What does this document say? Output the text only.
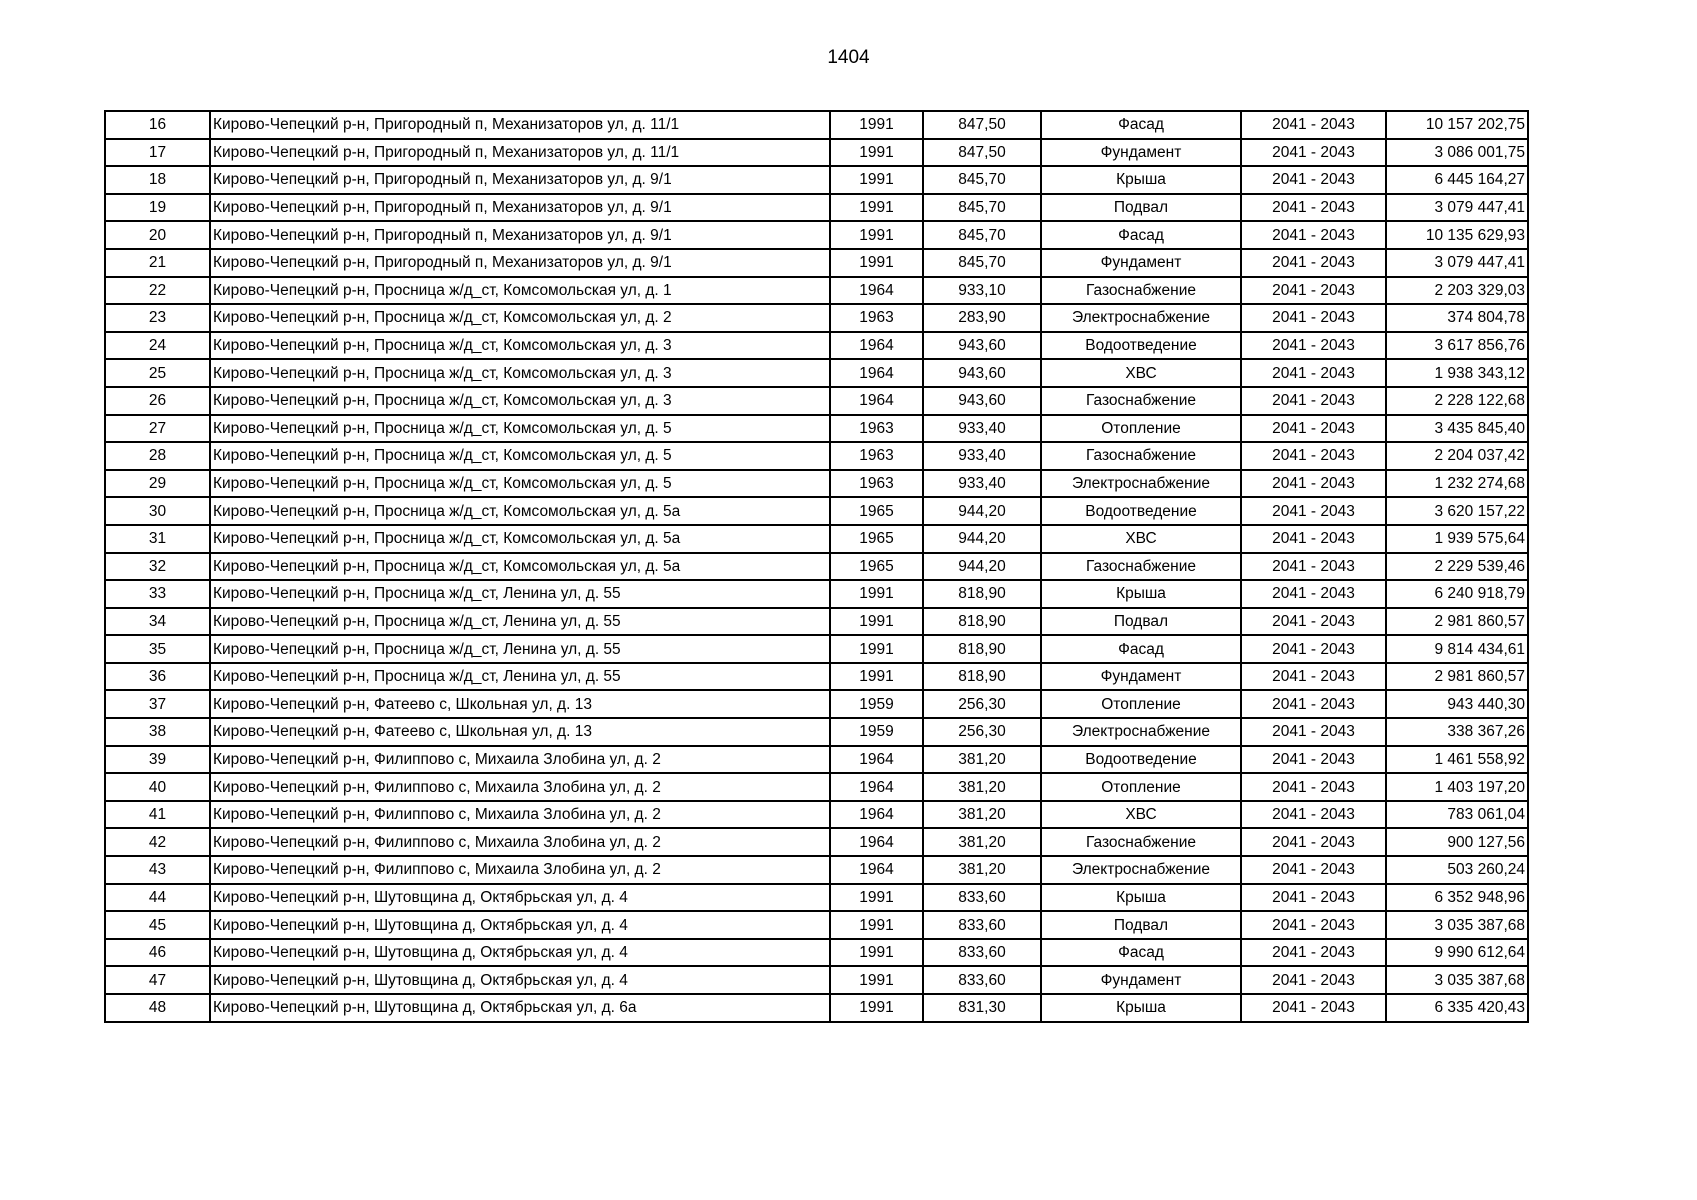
1404
16	Кирово-Чепецкий р-н, Пригородный п, Механизаторов ул, д. 11/1	1991	847,50	Фасад	2041 - 2043	10 157 202,75
17	Кирово-Чепецкий р-н, Пригородный п, Механизаторов ул, д. 11/1	1991	847,50	Фундамент	2041 - 2043	3 086 001,75
18	Кирово-Чепецкий р-н, Пригородный п, Механизаторов ул, д. 9/1	1991	845,70	Крыша	2041 - 2043	6 445 164,27
19	Кирово-Чепецкий р-н, Пригородный п, Механизаторов ул, д. 9/1	1991	845,70	Подвал	2041 - 2043	3 079 447,41
20	Кирово-Чепецкий р-н, Пригородный п, Механизаторов ул, д. 9/1	1991	845,70	Фасад	2041 - 2043	10 135 629,93
21	Кирово-Чепецкий р-н, Пригородный п, Механизаторов ул, д. 9/1	1991	845,70	Фундамент	2041 - 2043	3 079 447,41
22	Кирово-Чепецкий р-н, Просница ж/д_ст, Комсомольская ул, д. 1	1964	933,10	Газоснабжение	2041 - 2043	2 203 329,03
23	Кирово-Чепецкий р-н, Просница ж/д_ст, Комсомольская ул, д. 2	1963	283,90	Электроснабжение	2041 - 2043	374 804,78
24	Кирово-Чепецкий р-н, Просница ж/д_ст, Комсомольская ул, д. 3	1964	943,60	Водоотведение	2041 - 2043	3 617 856,76
25	Кирово-Чепецкий р-н, Просница ж/д_ст, Комсомольская ул, д. 3	1964	943,60	ХВС	2041 - 2043	1 938 343,12
26	Кирово-Чепецкий р-н, Просница ж/д_ст, Комсомольская ул, д. 3	1964	943,60	Газоснабжение	2041 - 2043	2 228 122,68
27	Кирово-Чепецкий р-н, Просница ж/д_ст, Комсомольская ул, д. 5	1963	933,40	Отопление	2041 - 2043	3 435 845,40
28	Кирово-Чепецкий р-н, Просница ж/д_ст, Комсомольская ул, д. 5	1963	933,40	Газоснабжение	2041 - 2043	2 204 037,42
29	Кирово-Чепецкий р-н, Просница ж/д_ст, Комсомольская ул, д. 5	1963	933,40	Электроснабжение	2041 - 2043	1 232 274,68
30	Кирово-Чепецкий р-н, Просница ж/д_ст, Комсомольская ул, д. 5а	1965	944,20	Водоотведение	2041 - 2043	3 620 157,22
31	Кирово-Чепецкий р-н, Просница ж/д_ст, Комсомольская ул, д. 5а	1965	944,20	ХВС	2041 - 2043	1 939 575,64
32	Кирово-Чепецкий р-н, Просница ж/д_ст, Комсомольская ул, д. 5а	1965	944,20	Газоснабжение	2041 - 2043	2 229 539,46
33	Кирово-Чепецкий р-н, Просница ж/д_ст, Ленина ул, д. 55	1991	818,90	Крыша	2041 - 2043	6 240 918,79
34	Кирово-Чепецкий р-н, Просница ж/д_ст, Ленина ул, д. 55	1991	818,90	Подвал	2041 - 2043	2 981 860,57
35	Кирово-Чепецкий р-н, Просница ж/д_ст, Ленина ул, д. 55	1991	818,90	Фасад	2041 - 2043	9 814 434,61
36	Кирово-Чепецкий р-н, Просница ж/д_ст, Ленина ул, д. 55	1991	818,90	Фундамент	2041 - 2043	2 981 860,57
37	Кирово-Чепецкий р-н, Фатеево с, Школьная ул, д. 13	1959	256,30	Отопление	2041 - 2043	943 440,30
38	Кирово-Чепецкий р-н, Фатеево с, Школьная ул, д. 13	1959	256,30	Электроснабжение	2041 - 2043	338 367,26
39	Кирово-Чепецкий р-н, Филиппово с, Михаила Злобина ул, д. 2	1964	381,20	Водоотведение	2041 - 2043	1 461 558,92
40	Кирово-Чепецкий р-н, Филиппово с, Михаила Злобина ул, д. 2	1964	381,20	Отопление	2041 - 2043	1 403 197,20
41	Кирово-Чепецкий р-н, Филиппово с, Михаила Злобина ул, д. 2	1964	381,20	ХВС	2041 - 2043	783 061,04
42	Кирово-Чепецкий р-н, Филиппово с, Михаила Злобина ул, д. 2	1964	381,20	Газоснабжение	2041 - 2043	900 127,56
43	Кирово-Чепецкий р-н, Филиппово с, Михаила Злобина ул, д. 2	1964	381,20	Электроснабжение	2041 - 2043	503 260,24
44	Кирово-Чепецкий р-н, Шутовщина д, Октябрьская ул, д. 4	1991	833,60	Крыша	2041 - 2043	6 352 948,96
45	Кирово-Чепецкий р-н, Шутовщина д, Октябрьская ул, д. 4	1991	833,60	Подвал	2041 - 2043	3 035 387,68
46	Кирово-Чепецкий р-н, Шутовщина д, Октябрьская ул, д. 4	1991	833,60	Фасад	2041 - 2043	9 990 612,64
47	Кирово-Чепецкий р-н, Шутовщина д, Октябрьская ул, д. 4	1991	833,60	Фундамент	2041 - 2043	3 035 387,68
48	Кирово-Чепецкий р-н, Шутовщина д, Октябрьская ул, д. 6а	1991	831,30	Крыша	2041 - 2043	6 335 420,43
